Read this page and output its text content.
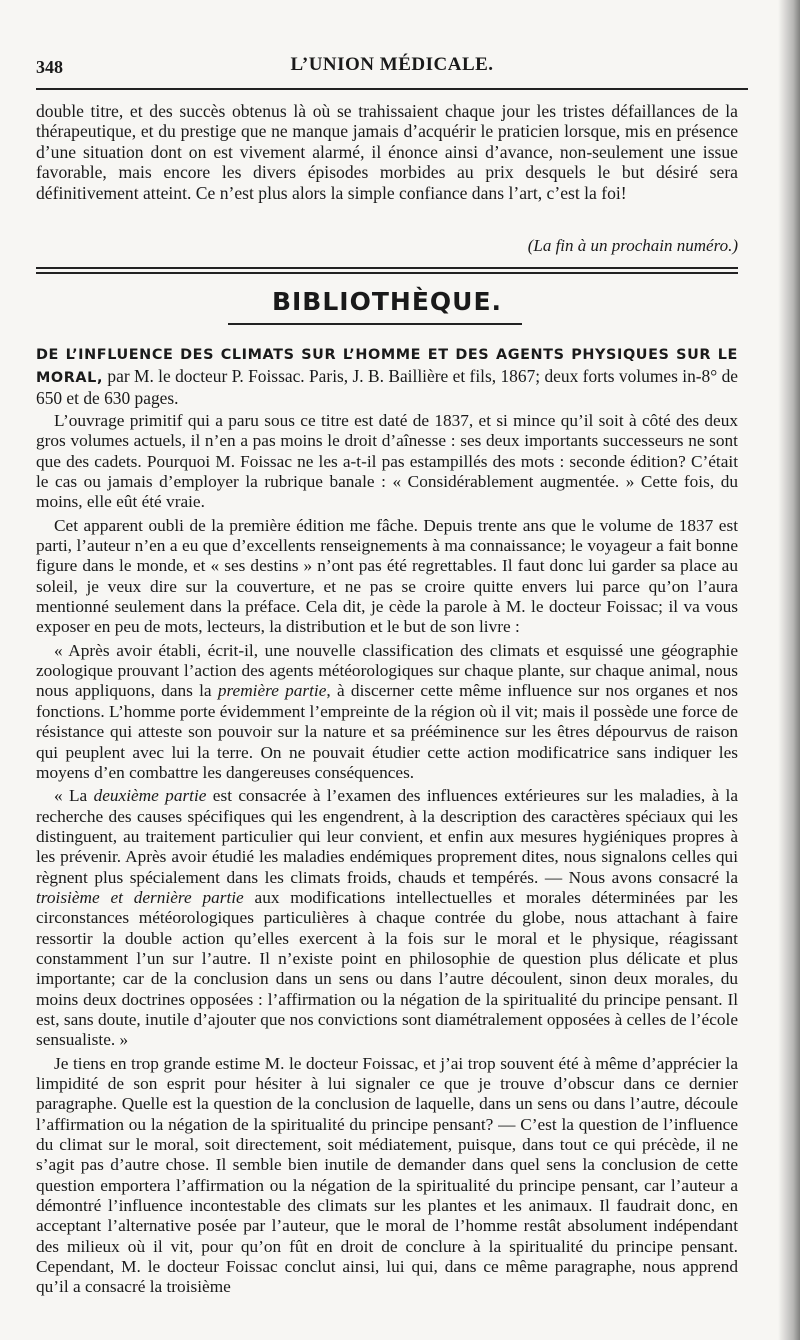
348	L’UNION MÉDICALE.

double titre, et des succès obtenus là où se trahissaient chaque jour les tristes défaillances de la thérapeutique, et du prestige que ne manque jamais d’acquérir le praticien lorsque, mis en présence d’une situation dont on est vivement alarmé, il énonce ainsi d’avance, non-seulement une issue favorable, mais encore les divers épisodes morbides au prix desquels le but désiré sera définitivement atteint. Ce n’est plus alors la simple confiance dans l’art, c’est la foi!

(La fin à un prochain numéro.)
BIBLIOTHÈQUE.
DE L’INFLUENCE DES CLIMATS SUR L’HOMME ET DES AGENTS PHYSIQUES SUR LE MORAL, par M. le docteur P. Foissac. Paris, J. B. Baillière et fils, 1867; deux forts volumes in-8° de 650 et de 630 pages.

L’ouvrage primitif qui a paru sous ce titre est daté de 1837, et si mince qu’il soit à côté des deux gros volumes actuels, il n’en a pas moins le droit d’aînesse : ses deux importants successeurs ne sont que des cadets. Pourquoi M. Foissac ne les a-t-il pas estampillés des mots : seconde édition? C’était le cas ou jamais d’employer la rubrique banale : « Considérablement augmentée. » Cette fois, du moins, elle eût été vraie.

Cet apparent oubli de la première édition me fâche. Depuis trente ans que le volume de 1837 est parti, l’auteur n’en a eu que d’excellents renseignements à ma connaissance; le voyageur a fait bonne figure dans le monde, et « ses destins » n’ont pas été regrettables. Il faut donc lui garder sa place au soleil, je veux dire sur la couverture, et ne pas se croire quitte envers lui parce qu’on l’aura mentionné seulement dans la préface. Cela dit, je cède la parole à M. le docteur Foissac; il va vous exposer en peu de mots, lecteurs, la distribution et le but de son livre :

« Après avoir établi, écrit-il, une nouvelle classification des climats et esquissé une géographie zoologique prouvant l’action des agents météorologiques sur chaque plante, sur chaque animal, nous nous appliquons, dans la première partie, à discerner cette même influence sur nos organes et nos fonctions. L’homme porte évidemment l’empreinte de la région où il vit; mais il possède une force de résistance qui atteste son pouvoir sur la nature et sa prééminence sur les êtres dépourvus de raison qui peuplent avec lui la terre. On ne pouvait étudier cette action modificatrice sans indiquer les moyens d’en combattre les dangereuses conséquences.

« La deuxième partie est consacrée à l’examen des influences extérieures sur les maladies, à la recherche des causes spécifiques qui les engendrent, à la description des caractères spéciaux qui les distinguent, au traitement particulier qui leur convient, et enfin aux mesures hygiéniques propres à les prévenir. Après avoir étudié les maladies endémiques proprement dites, nous signalons celles qui règnent plus spécialement dans les climats froids, chauds et tempérés. — Nous avons consacré la troisième et dernière partie aux modifications intellectuelles et morales déterminées par les circonstances météorologiques particulières à chaque contrée du globe, nous attachant à faire ressortir la double action qu’elles exercent à la fois sur le moral et le physique, réagissant constamment l’un sur l’autre. Il n’existe point en philosophie de question plus délicate et plus importante; car de la conclusion dans un sens ou dans l’autre découlent, sinon deux morales, du moins deux doctrines opposées : l’affirmation ou la négation de la spiritualité du principe pensant. Il est, sans doute, inutile d’ajouter que nos convictions sont diamétralement opposées à celles de l’école sensualiste. »

Je tiens en trop grande estime M. le docteur Foissac, et j’ai trop souvent été à même d’apprécier la limpidité de son esprit pour hésiter à lui signaler ce que je trouve d’obscur dans ce dernier paragraphe. Quelle est la question de la conclusion de laquelle, dans un sens ou dans l’autre, découle l’affirmation ou la négation de la spiritualité du principe pensant? — C’est la question de l’influence du climat sur le moral, soit directement, soit médiatement, puisque, dans tout ce qui précède, il ne s’agit pas d’autre chose. Il semble bien inutile de demander dans quel sens la conclusion de cette question emportera l’affirmation ou la négation de la spiritualité du principe pensant, car l’auteur a démontré l’influence incontestable des climats sur les plantes et les animaux. Il faudrait donc, en acceptant l’alternative posée par l’auteur, que le moral de l’homme restât absolument indépendant des milieux où il vit, pour qu’on fût en droit de conclure à la spiritualité du principe pensant. Cependant, M. le docteur Foissac conclut ainsi, lui qui, dans ce même paragraphe, nous apprend qu’il a consacré la troisième
